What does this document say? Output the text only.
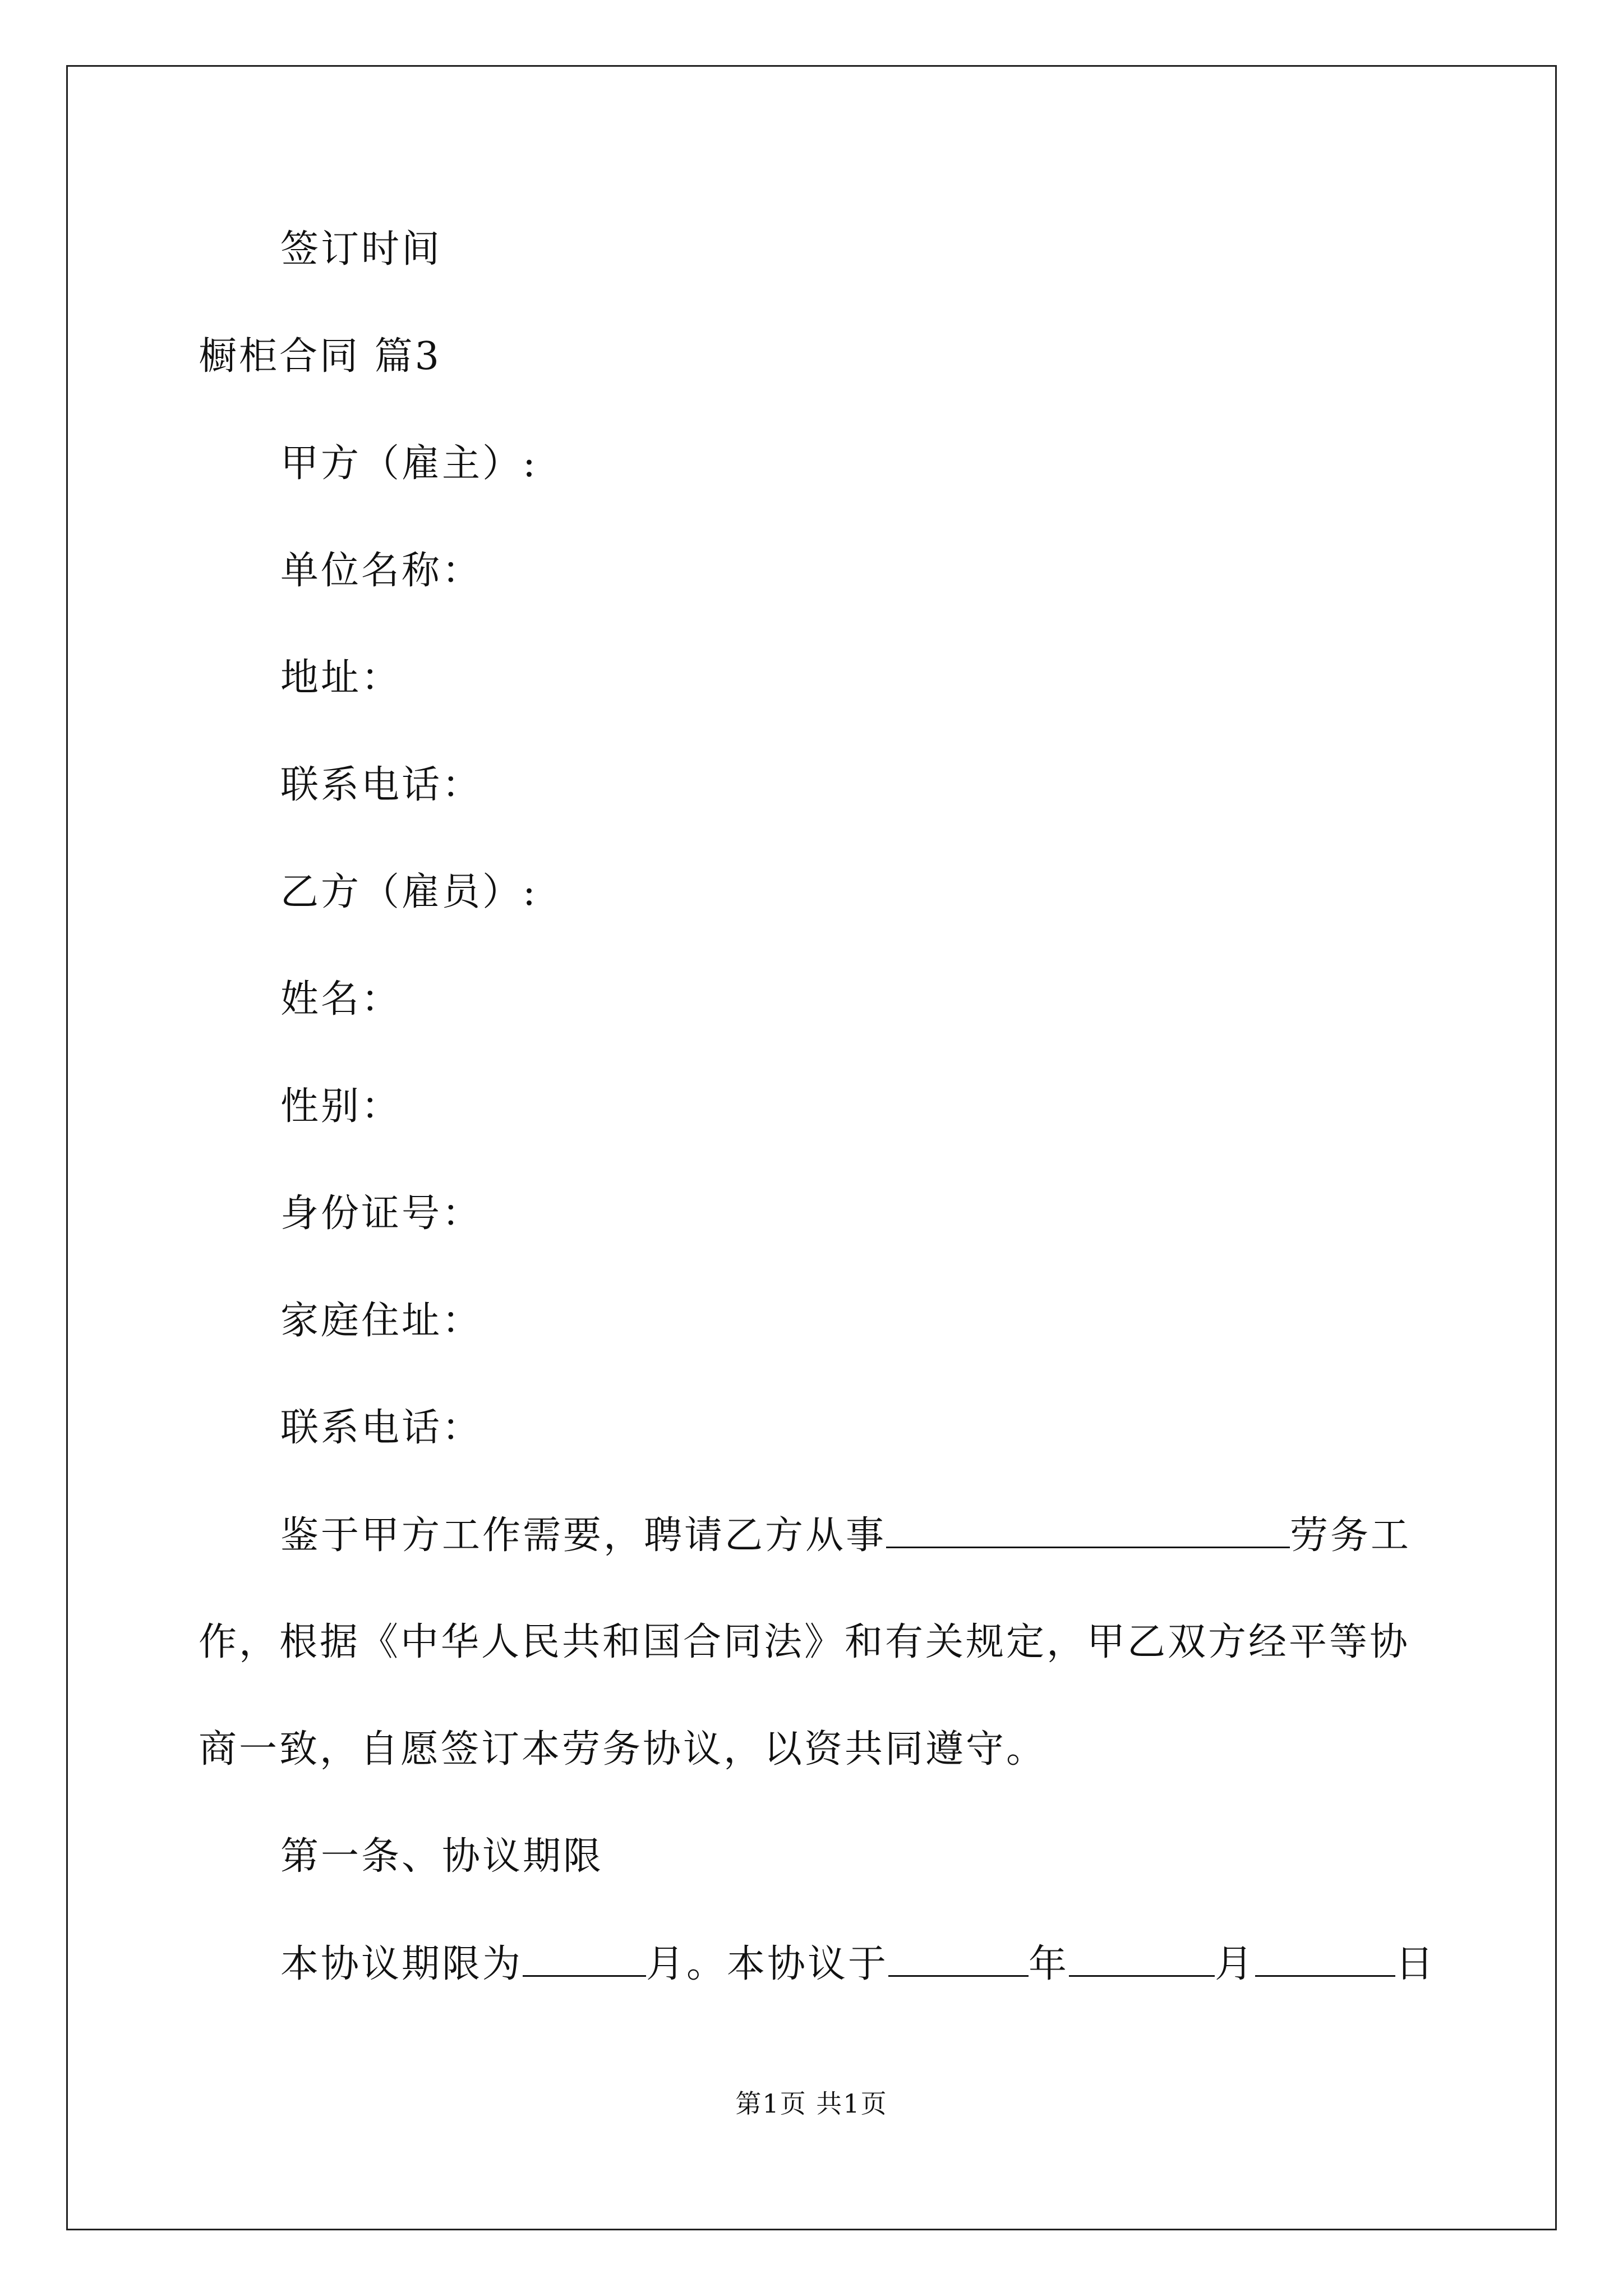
签订时间
橱柜合同 篇3
甲方（雇主）:
单位名称：
地址：
联系电话：
乙方（雇员）:
姓名：
性别：
身份证号：
家庭住址：
联系电话：
鉴于甲方工作需要，聘请乙方从事	劳务工
作，根据《中华人民共和国合同法》和有关规定，甲乙双方经平等协
商一致，自愿签订本劳务协议，以资共同遵守。
第一条、协议期限
本协议期限为	月。本协议于	年	月	日
第1页 共1页
